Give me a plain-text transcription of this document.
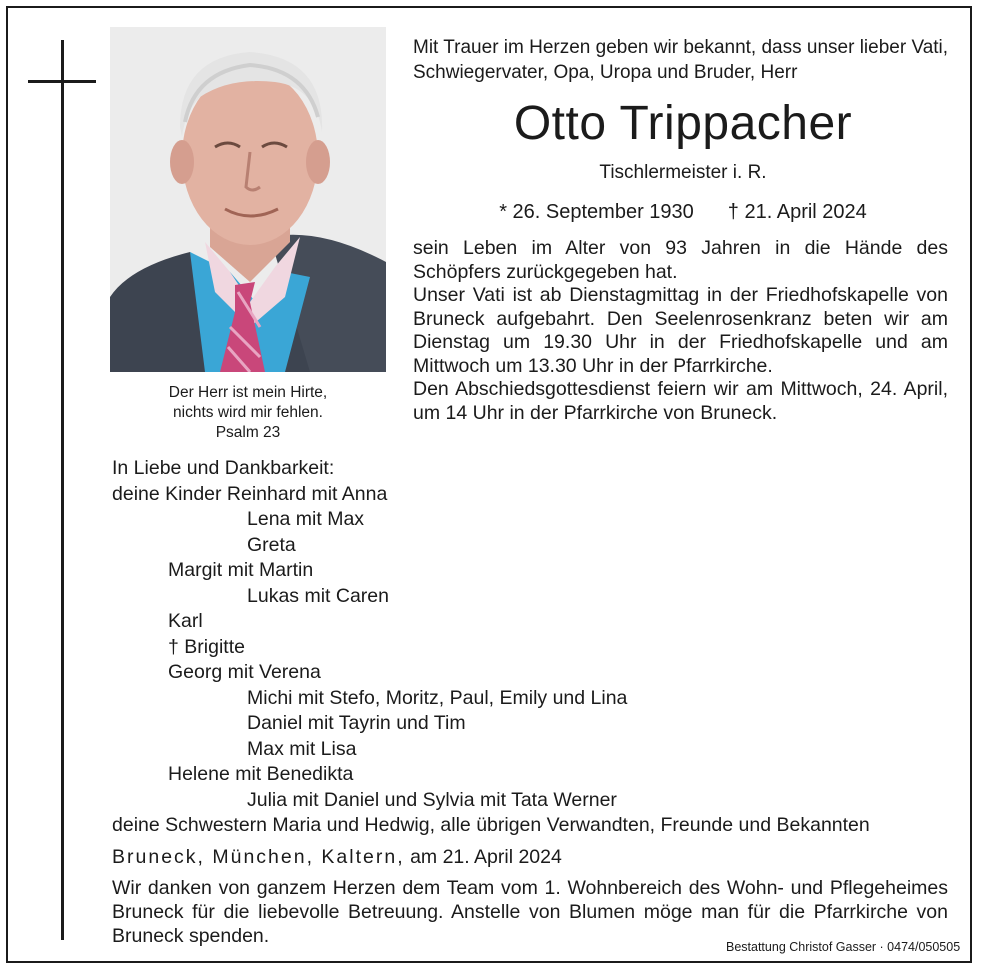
Der Herr ist mein Hirte,
nichts wird mir fehlen.
Psalm 23
Mit Trauer im Herzen geben wir bekannt, dass unser lieber Vati, Schwiegervater, Opa, Uropa und Bruder, Herr
Otto Trippacher
Tischlermeister i. R.
* 26. September 1930 † 21. April 2024

sein Leben im Alter von 93 Jahren in die Hände des Schöpfers zurückgegeben hat.

Unser Vati ist ab Dienstagmittag in der Friedhofskapelle von Bruneck aufgebahrt. Den Seelenrosenkranz beten wir am Dienstag um 19.30 Uhr in der Friedhofskapelle und am Mittwoch um 13.30 Uhr in der Pfarrkirche.

Den Abschiedsgottesdienst feiern wir am Mittwoch, 24. April, um 14 Uhr in der Pfarrkirche von Bruneck.

In Liebe und Dankbarkeit:
deine Kinder Reinhard mit Anna
Lena mit Max
Greta
Margit mit Martin
Lukas mit Caren
Karl
† Brigitte
Georg mit Verena
Michi mit Stefo, Moritz, Paul, Emily und Lina
Daniel mit Tayrin und Tim
Max mit Lisa
Helene mit Benedikta
Julia mit Daniel und Sylvia mit Tata Werner
deine Schwestern Maria und Hedwig, alle übrigen Verwandten, Freunde und Bekannten
Bruneck, München, Kaltern, am 21. April 2024
Wir danken von ganzem Herzen dem Team vom 1. Wohnbereich des Wohn- und Pflegeheimes Bruneck für die liebevolle Betreuung. Anstelle von Blumen möge man für die Pfarrkirche von Bruneck spenden.	Bestattung Christof Gasser · 0474/050505
